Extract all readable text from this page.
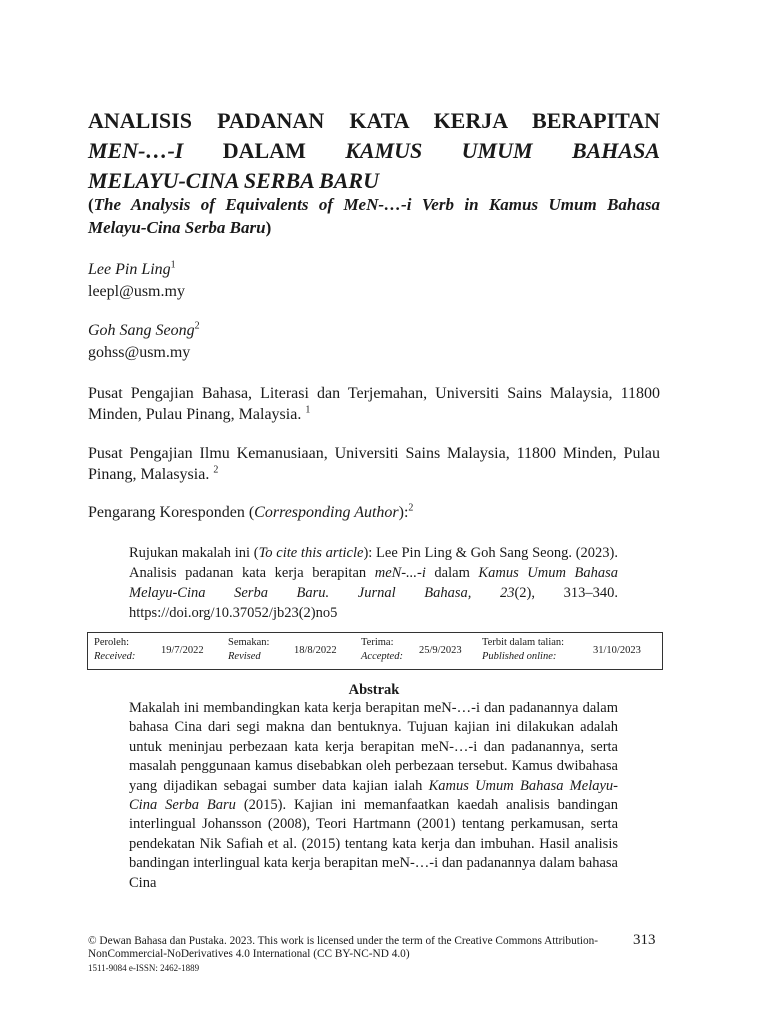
ANALISIS PADANAN KATA KERJA BERAPITAN
MEN-…-I DALAM KAMUS UMUM BAHASA
MELAYU-CINA SERBA BARU
(The Analysis of Equivalents of MeN-…-i Verb in Kamus Umum Bahasa Melayu-Cina Serba Baru)
Lee Pin Ling$^1$
leepl@usm.my
Goh Sang Seong$^2$
gohss@usm.my
Pusat Pengajian Bahasa, Literasi dan Terjemahan, Universiti Sains Malaysia, 11800 Minden, Pulau Pinang, Malaysia. $^1$
Pusat Pengajian Ilmu Kemanusiaan, Universiti Sains Malaysia, 11800 Minden, Pulau Pinang, Malasysia. $^2$
Pengarang Koresponden (Corresponding Author):$^2$
Rujukan makalah ini (To cite this article): Lee Pin Ling & Goh Sang Seong. (2023). Analisis padanan kata kerja berapitan meN-...-i dalam Kamus Umum Bahasa Melayu-Cina Serba Baru. Jurnal Bahasa, 23(2), 313–340. https://doi.org/10.37052/jb23(2)no5
Peroleh:
Received:
19/7/2022
Semakan:
Revised
18/8/2022
Terima:
Accepted:
25/9/2023
Terbit dalam talian:
Published online:
31/10/2023
Abstrak
Makalah ini membandingkan kata kerja berapitan meN-…-i dan padanannya dalam bahasa Cina dari segi makna dan bentuknya. Tujuan kajian ini dilakukan adalah untuk meninjau perbezaan kata kerja berapitan meN-…-i dan padanannya, serta masalah penggunaan kamus disebabkan oleh perbezaan tersebut. Kamus dwibahasa yang dijadikan sebagai sumber data kajian ialah Kamus Umum Bahasa Melayu-Cina Serba Baru (2015). Kajian ini memanfaatkan kaedah analisis bandingan interlingual Johansson (2008), Teori Hartmann (2001) tentang perkamusan, serta pendekatan Nik Safiah et al. (2015) tentang kata kerja dan imbuhan. Hasil analisis bandingan interlingual kata kerja berapitan meN-…-i dan padanannya dalam bahasa Cina
© Dewan Bahasa dan Pustaka. 2023. This work is licensed under the term of the Creative Commons Attribution-NonCommercial-NoDerivatives 4.0 International (CC BY-NC-ND 4.0)
1511-9084 e-ISSN: 2462-1889
313
